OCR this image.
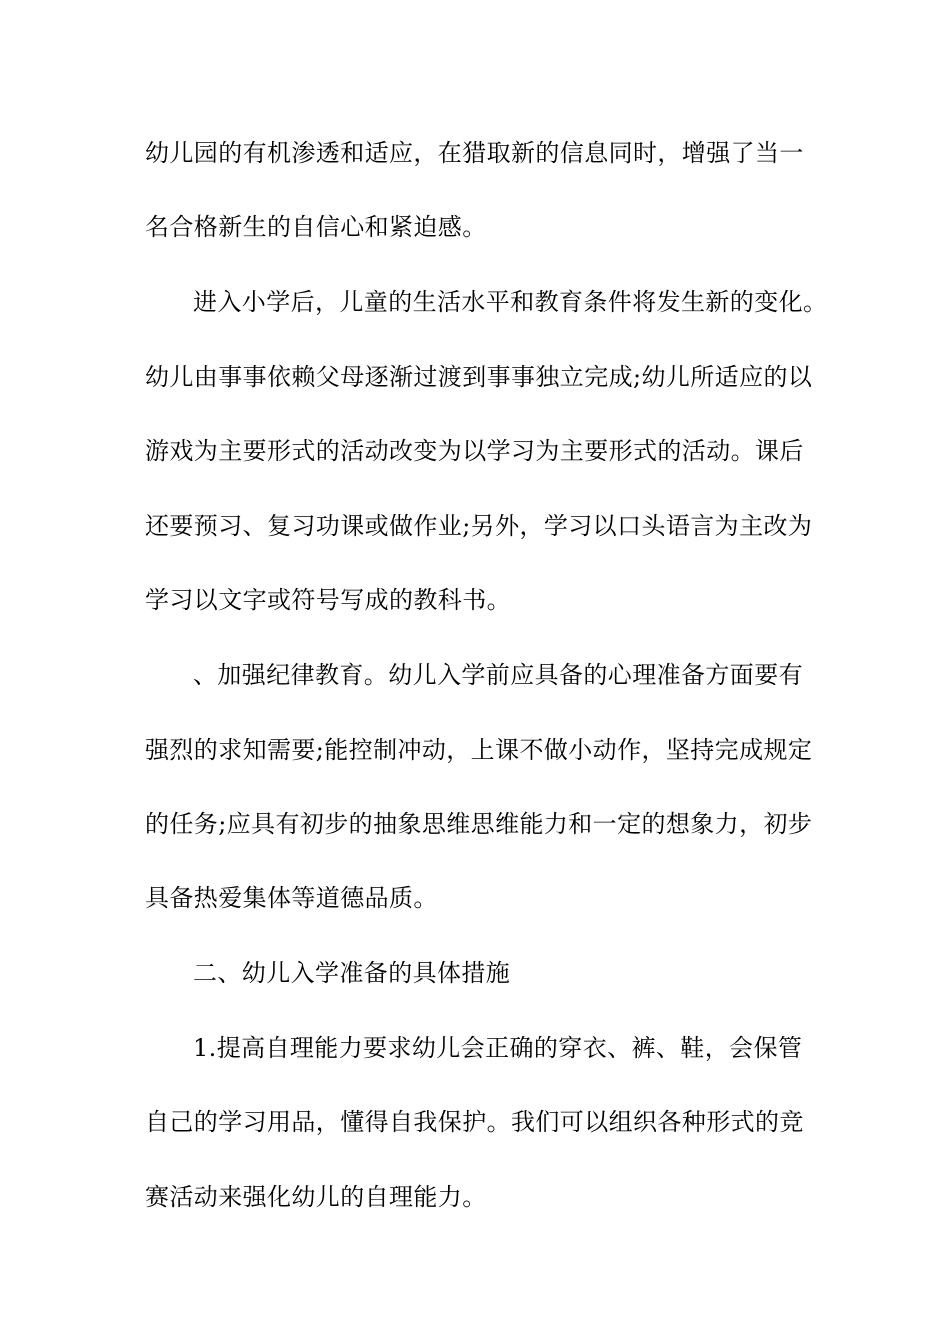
幼儿园的有机渗透和适应，在猎取新的信息同时，增强了当一
名合格新生的自信心和紧迫感。
进入小学后，儿童的生活水平和教育条件将发生新的变化。
幼儿由事事依赖父母逐渐过渡到事事独立完成;幼儿所适应的以
游戏为主要形式的活动改变为以学习为主要形式的活动。课后
还要预习、复习功课或做作业;另外，学习以口头语言为主改为
学习以文字或符号写成的教科书。
、加强纪律教育。幼儿入学前应具备的心理准备方面要有
强烈的求知需要;能控制冲动，上课不做小动作，坚持完成规定
的任务;应具有初步的抽象思维思维能力和一定的想象力，初步
具备热爱集体等道德品质。
二、幼儿入学准备的具体措施
1.提高自理能力要求幼儿会正确的穿衣、裤、鞋，会保管
自己的学习用品，懂得自我保护。我们可以组织各种形式的竞
赛活动来强化幼儿的自理能力。
